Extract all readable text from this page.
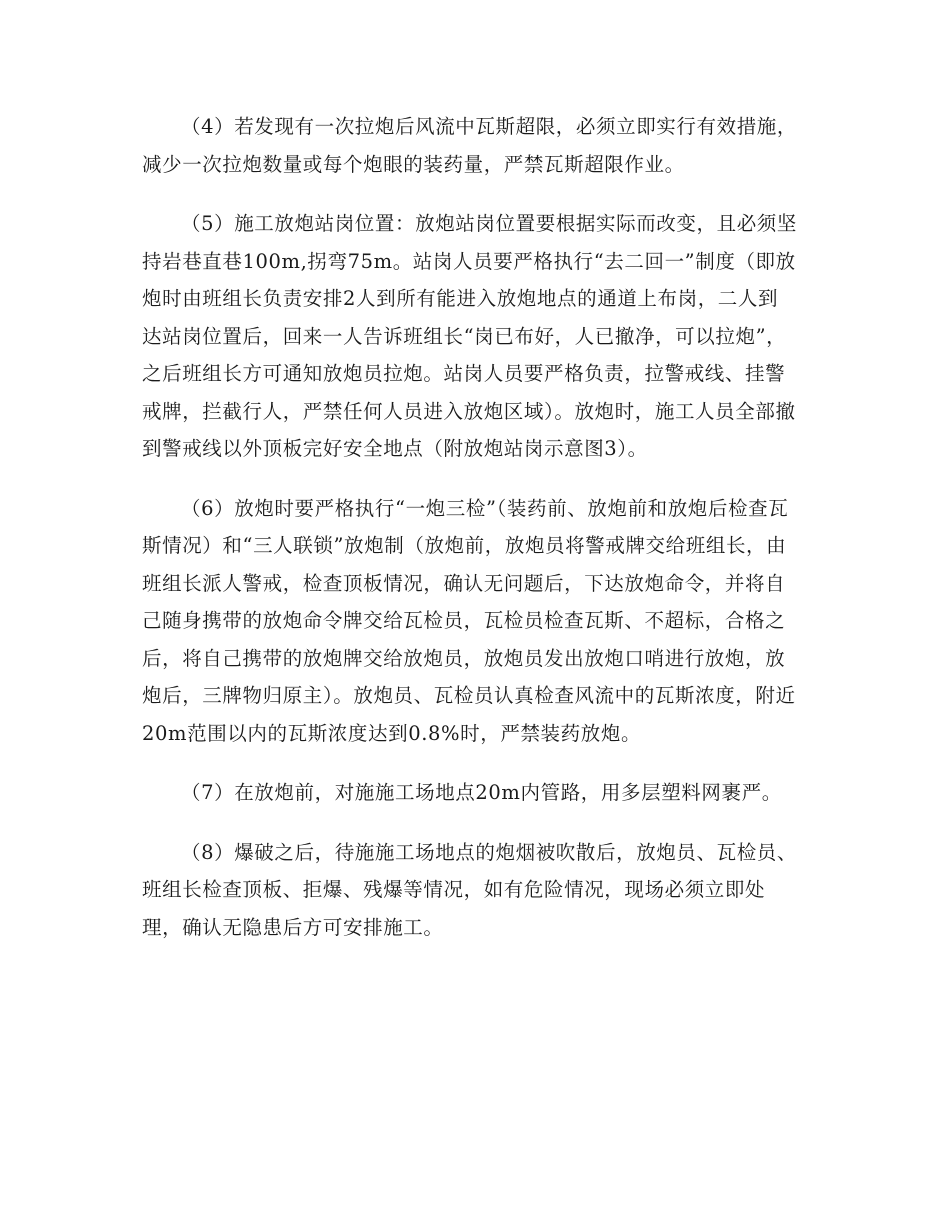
（4）若发现有一次拉炮后风流中瓦斯超限，必须立即实行有效措施，减少一次拉炮数量或每个炮眼的装药量，严禁瓦斯超限作业。

（5）施工放炮站岗位置：放炮站岗位置要根据实际而改变，且必须坚持岩巷直巷100m,拐弯75m。站岗人员要严格执行“去二回一”制度（即放炮时由班组长负责安排2人到所有能进入放炮地点的通道上布岗，二人到达站岗位置后，回来一人告诉班组长“岗已布好，人已撤净，可以拉炮”，之后班组长方可通知放炮员拉炮。站岗人员要严格负责，拉警戒线、挂警戒牌，拦截行人，严禁任何人员进入放炮区域）。放炮时，施工人员全部撤到警戒线以外顶板完好安全地点（附放炮站岗示意图3）。

（6）放炮时要严格执行“一炮三检”（装药前、放炮前和放炮后检查瓦斯情况）和“三人联锁”放炮制（放炮前，放炮员将警戒牌交给班组长，由班组长派人警戒，检查顶板情况，确认无问题后，下达放炮命令，并将自己随身携带的放炮命令牌交给瓦检员，瓦检员检查瓦斯、不超标，合格之后，将自己携带的放炮牌交给放炮员，放炮员发出放炮口哨进行放炮，放炮后，三牌物归原主）。放炮员、瓦检员认真检查风流中的瓦斯浓度，附近20m范围以内的瓦斯浓度达到0.8%时，严禁装药放炮。

（7）在放炮前，对施施工场地点20m内管路，用多层塑料网裹严。

（8）爆破之后，待施施工场地点的炮烟被吹散后，放炮员、瓦检员、班组长检查顶板、拒爆、残爆等情况，如有危险情况，现场必须立即处理，确认无隐患后方可安排施工。
